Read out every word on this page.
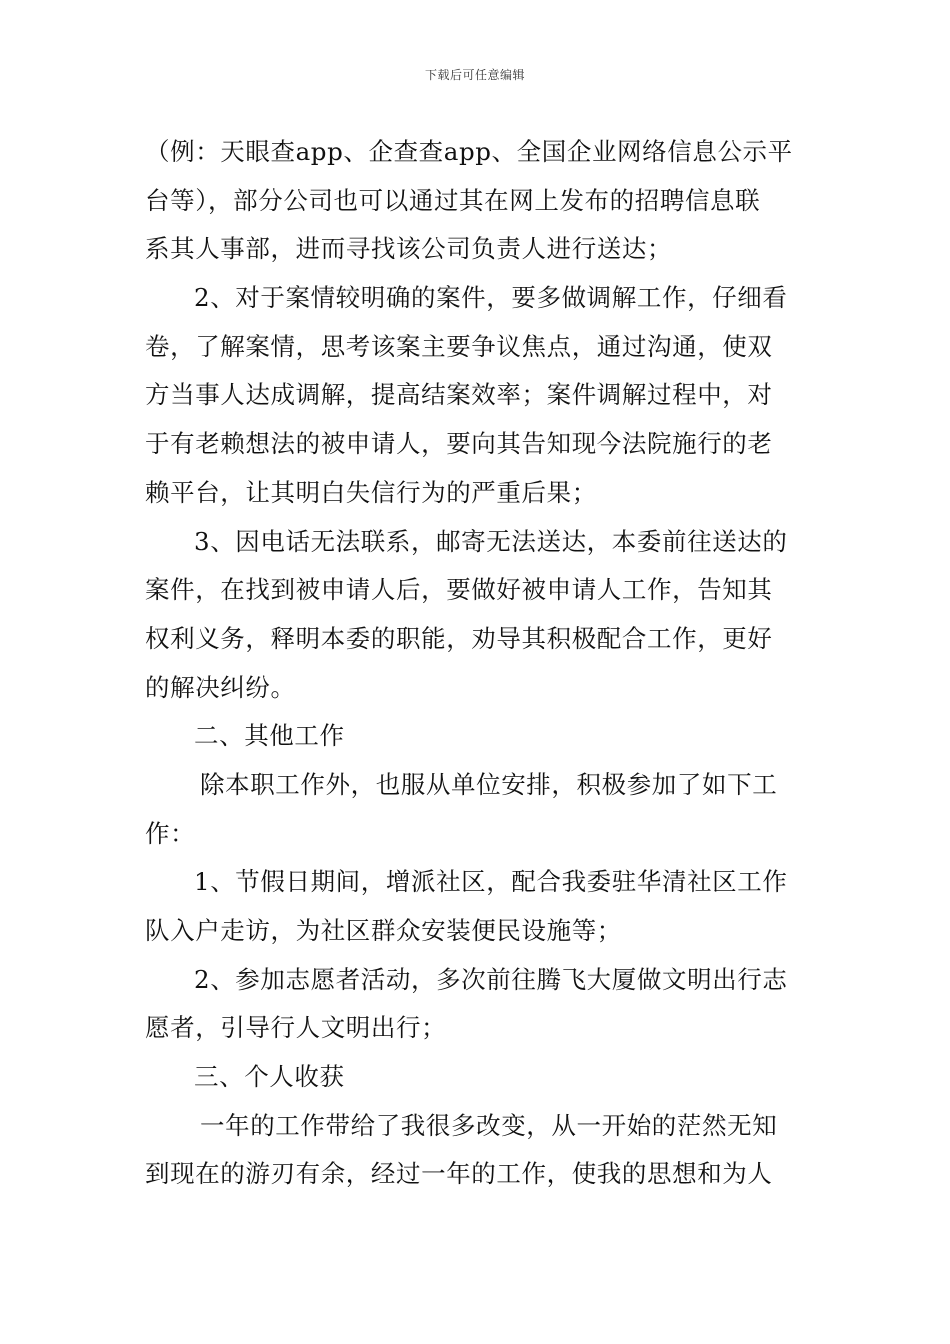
下载后可任意编辑
（例：天眼查app、企查查app、全国企业网络信息公示平
台等），部分公司也可以通过其在网上发布的招聘信息联
系其人事部，进而寻找该公司负责人进行送达；
2、对于案情较明确的案件，要多做调解工作，仔细看
卷，了解案情，思考该案主要争议焦点，通过沟通，使双
方当事人达成调解，提高结案效率；案件调解过程中，对
于有老赖想法的被申请人，要向其告知现今法院施行的老
赖平台，让其明白失信行为的严重后果；
3、因电话无法联系，邮寄无法送达，本委前往送达的
案件，在找到被申请人后，要做好被申请人工作，告知其
权利义务，释明本委的职能，劝导其积极配合工作，更好
的解决纠纷。
二、其他工作
除本职工作外，也服从单位安排，积极参加了如下工
作：
1、节假日期间，增派社区，配合我委驻华清社区工作
队入户走访，为社区群众安装便民设施等；
2、参加志愿者活动，多次前往腾飞大厦做文明出行志
愿者，引导行人文明出行；
三、个人收获
一年的工作带给了我很多改变，从一开始的茫然无知
到现在的游刃有余，经过一年的工作，使我的思想和为人
